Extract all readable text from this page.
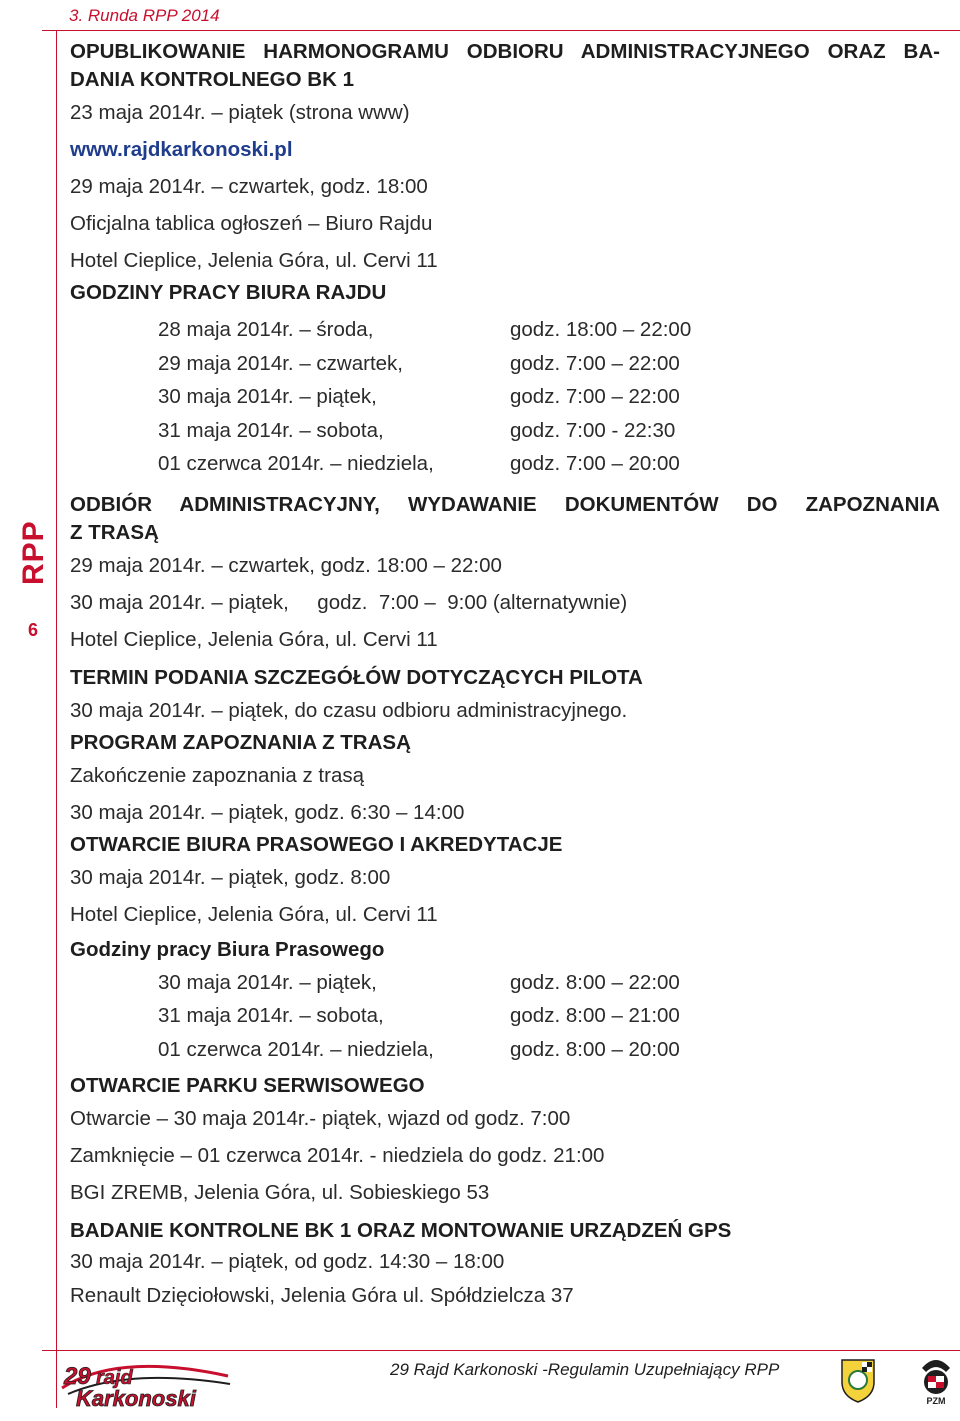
3. Runda RPP 2014
RPP
6
OPUBLIKOWANIE HARMONOGRAMU ODBIORU ADMINISTRACYJNEGO ORAZ BA-
DANIA KONTROLNEGO BK 1
23 maja 2014r. – piątek (strona www)
www.rajdkarkonoski.pl
29 maja 2014r. – czwartek, godz. 18:00
Oficjalna tablica ogłoszeń – Biuro Rajdu
Hotel Cieplice, Jelenia Góra, ul. Cervi 11
GODZINY PRACY BIURA RAJDU
28 maja 2014r. – środa,	godz. 18:00 – 22:00
29 maja 2014r. – czwartek,	godz. 7:00 – 22:00
30 maja 2014r. – piątek,	godz. 7:00 – 22:00
31 maja 2014r. – sobota,	godz. 7:00 - 22:30
01 czerwca 2014r. – niedziela,	godz. 7:00 – 20:00
ODBIÓR ADMINISTRACYJNY, WYDAWANIE DOKUMENTÓW DO ZAPOZNANIA
Z TRASĄ
29 maja 2014r. – czwartek, godz. 18:00 – 22:00
30 maja 2014r. – piątek,     godz.  7:00 –  9:00 (alternatywnie)
Hotel Cieplice, Jelenia Góra, ul. Cervi 11
TERMIN PODANIA SZCZEGÓŁÓW DOTYCZĄCYCH PILOTA
30 maja 2014r. – piątek, do czasu odbioru administracyjnego.
PROGRAM ZAPOZNANIA Z TRASĄ
Zakończenie zapoznania z trasą
30 maja 2014r. – piątek, godz. 6:30 – 14:00
OTWARCIE BIURA PRASOWEGO I AKREDYTACJE
30 maja 2014r. – piątek, godz. 8:00
Hotel Cieplice, Jelenia Góra, ul. Cervi 11
Godziny pracy Biura Prasowego
30 maja 2014r. – piątek,	godz. 8:00 – 22:00
31 maja 2014r. – sobota,	godz. 8:00 – 21:00
01 czerwca 2014r. – niedziela,	godz. 8:00 – 20:00
OTWARCIE PARKU SERWISOWEGO
Otwarcie – 30 maja 2014r.- piątek, wjazd od godz. 7:00
Zamknięcie – 01 czerwca 2014r. - niedziela do godz. 21:00
BGI ZREMB, Jelenia Góra, ul. Sobieskiego 53
BADANIE KONTROLNE BK 1 ORAZ MONTOWANIE URZĄDZEŃ GPS
30 maja 2014r. – piątek, od godz. 14:30 – 18:00
Renault Dzięciołowski, Jelenia Góra ul. Spółdzielcza 37
29 rajd
Karkonoski
29 Rajd Karkonoski -Regulamin Uzupełniający RPP
PZM
